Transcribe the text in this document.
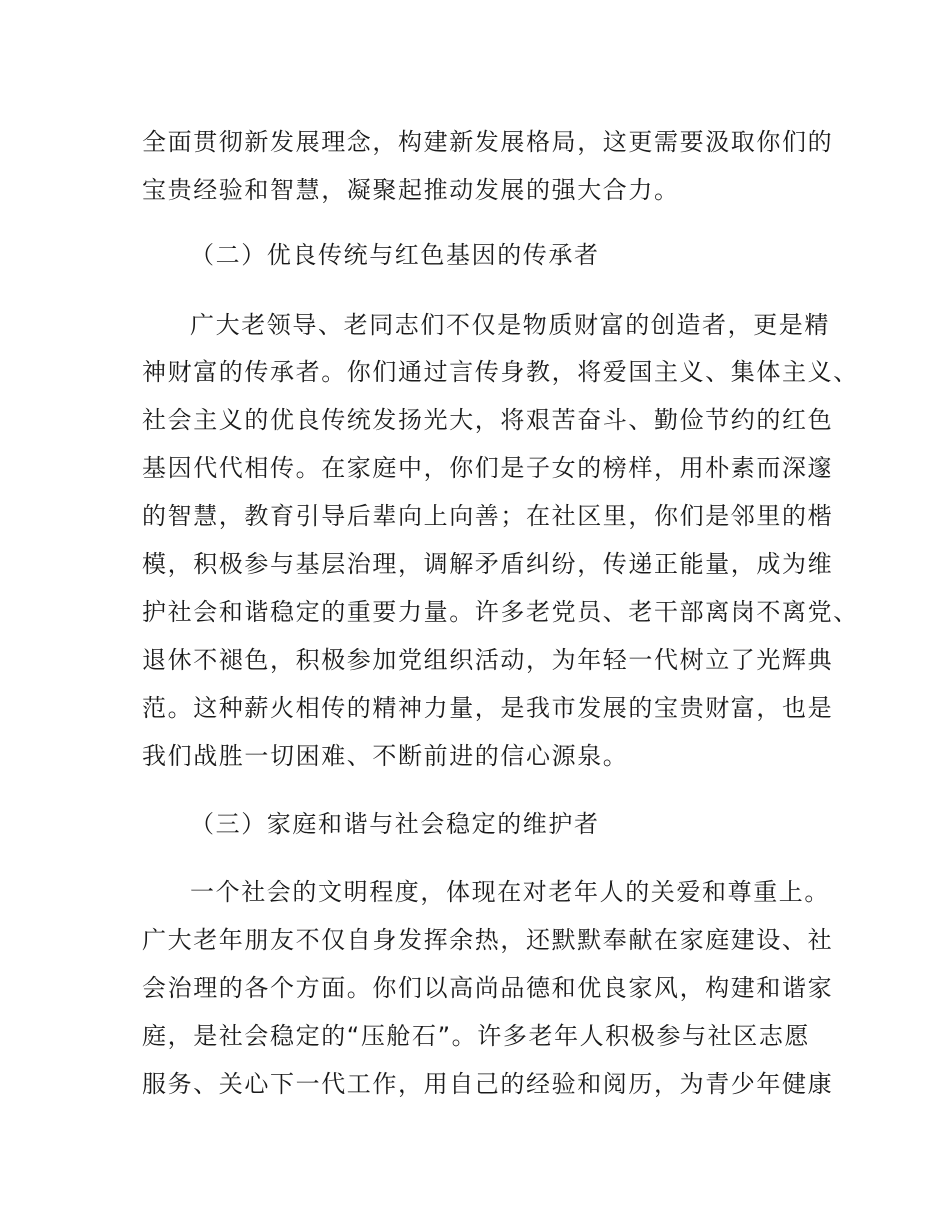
全面贯彻新发展理念，构建新发展格局，这更需要汲取你们的
宝贵经验和智慧，凝聚起推动发展的强大合力。
（二）优良传统与红色基因的传承者
广大老领导、老同志们不仅是物质财富的创造者，更是精
神财富的传承者。你们通过言传身教，将爱国主义、集体主义、
社会主义的优良传统发扬光大，将艰苦奋斗、勤俭节约的红色
基因代代相传。在家庭中，你们是子女的榜样，用朴素而深邃
的智慧，教育引导后辈向上向善；在社区里，你们是邻里的楷
模，积极参与基层治理，调解矛盾纠纷，传递正能量，成为维
护社会和谐稳定的重要力量。许多老党员、老干部离岗不离党、
退休不褪色，积极参加党组织活动，为年轻一代树立了光辉典
范。这种薪火相传的精神力量，是我市发展的宝贵财富，也是
我们战胜一切困难、不断前进的信心源泉。
（三）家庭和谐与社会稳定的维护者
一个社会的文明程度，体现在对老年人的关爱和尊重上。
广大老年朋友不仅自身发挥余热，还默默奉献在家庭建设、社
会治理的各个方面。你们以高尚品德和优良家风，构建和谐家
庭，是社会稳定的“压舱石”。许多老年人积极参与社区志愿
服务、关心下一代工作，用自己的经验和阅历，为青少年健康
